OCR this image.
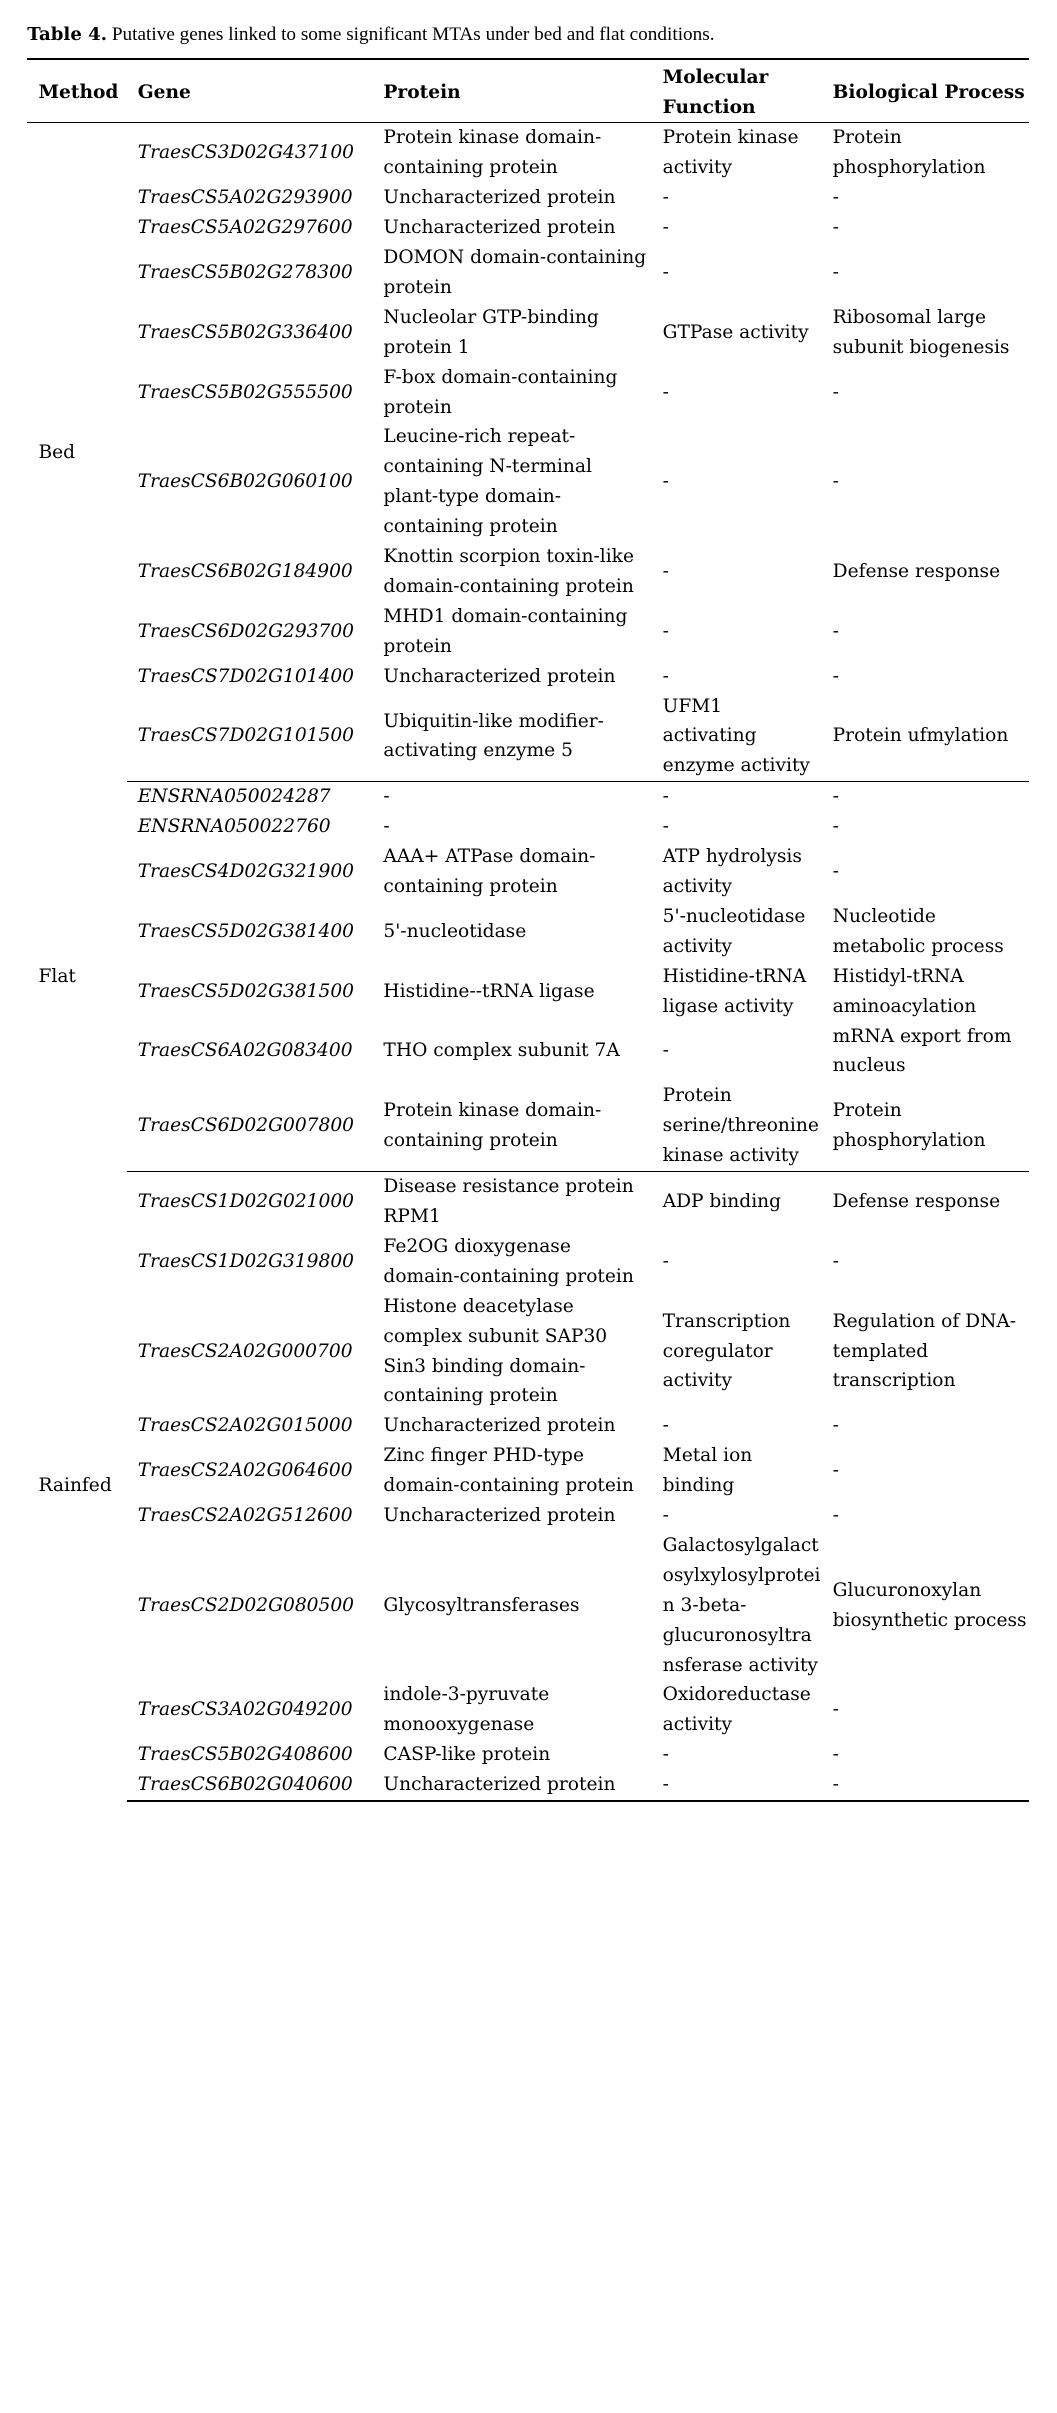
Table 4. Putative genes linked to some significant MTAs under bed and flat conditions.
Method	Gene	Protein	Molecular Function	Biological Process
Bed	TraesCS3D02G437100	Protein kinase domain-containing protein	Protein kinase activity	Protein phosphorylation
	TraesCS5A02G293900	Uncharacterized protein	-	-
	TraesCS5A02G297600	Uncharacterized protein	-	-
	TraesCS5B02G278300	DOMON domain-containing protein	-	-
	TraesCS5B02G336400	Nucleolar GTP-binding protein 1	GTPase activity	Ribosomal large subunit biogenesis
	TraesCS5B02G555500	F-box domain-containing protein	-	-
	TraesCS6B02G060100	Leucine-rich repeat-containing N-terminal plant-type domain-containing protein	-	-
	TraesCS6B02G184900	Knottin scorpion toxin-like domain-containing protein	-	Defense response
	TraesCS6D02G293700	MHD1 domain-containing protein	-	-
	TraesCS7D02G101400	Uncharacterized protein	-	-
	TraesCS7D02G101500	Ubiquitin-like modifier-activating enzyme 5	UFM1 activating enzyme activity	Protein ufmylation
Flat	ENSRNA050024287	-	-	-
	ENSRNA050022760	-	-	-
	TraesCS4D02G321900	AAA+ ATPase domain-containing protein	ATP hydrolysis activity	-
	TraesCS5D02G381400	5'-nucleotidase	5'-nucleotidase activity	Nucleotide metabolic process
	TraesCS5D02G381500	Histidine--tRNA ligase	Histidine-tRNA ligase activity	Histidyl-tRNA aminoacylation
	TraesCS6A02G083400	THO complex subunit 7A	-	mRNA export from nucleus
	TraesCS6D02G007800	Protein kinase domain-containing protein	Protein serine/threonine kinase activity	Protein phosphorylation
Rainfed	TraesCS1D02G021000	Disease resistance protein RPM1	ADP binding	Defense response
	TraesCS1D02G319800	Fe2OG dioxygenase domain-containing protein	-	-
	TraesCS2A02G000700	Histone deacetylase complex subunit SAP30 Sin3 binding domain-containing protein	Transcription coregulator activity	Regulation of DNA-templated transcription
	TraesCS2A02G015000	Uncharacterized protein	-	-
	TraesCS2A02G064600	Zinc finger PHD-type domain-containing protein	Metal ion binding	-
	TraesCS2A02G512600	Uncharacterized protein	-	-
	TraesCS2D02G080500	Glycosyltransferases	Galactosylgalactosylxylosylprotein 3-beta-glucuronosyltransferase activity	Glucuronoxylan biosynthetic process
	TraesCS3A02G049200	indole-3-pyruvate monooxygenase	Oxidoreductase activity	-
	TraesCS5B02G408600	CASP-like protein	-	-
	TraesCS6B02G040600	Uncharacterized protein	-	-
